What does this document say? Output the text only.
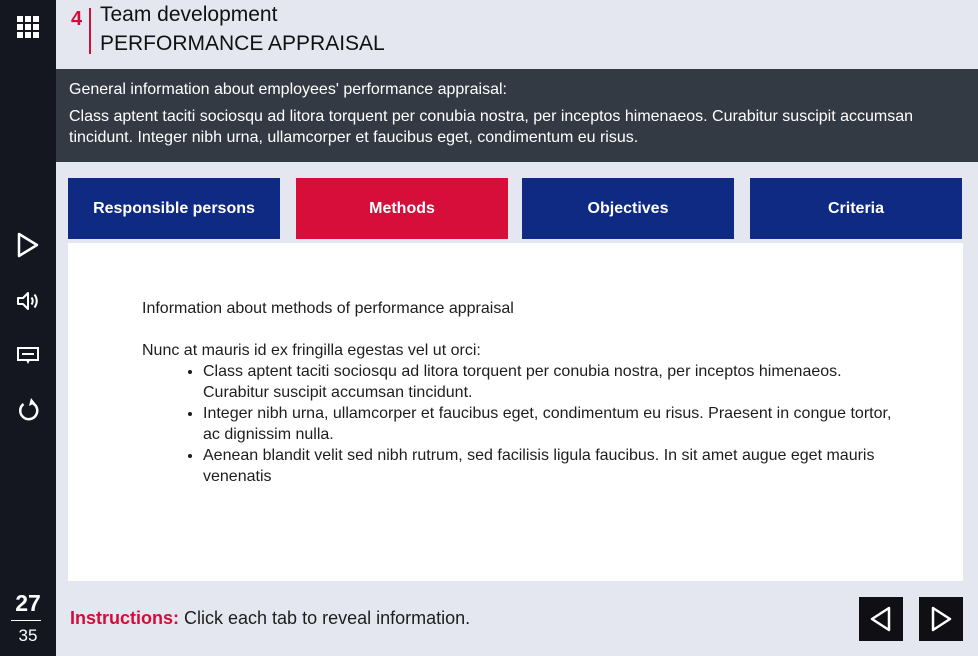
27
35
4 Team development
PERFORMANCE APPRAISAL
General information about employees' performance appraisal:
Class aptent taciti sociosqu ad litora torquent per conubia nostra, per inceptos himenaeos. Curabitur suscipit accumsan tincidunt. Integer nibh urna, ullamcorper et faucibus eget, condimentum eu risus.
Responsible persons	Methods	Objectives	Criteria

Information about methods of performance appraisal

Nunc at mauris id ex fringilla egestas vel ut orci:

• Class aptent taciti sociosqu ad litora torquent per conubia nostra, per inceptos himenaeos. Curabitur suscipit accumsan tincidunt.
• Integer nibh urna, ullamcorper et faucibus eget, condimentum eu risus. Praesent in congue tortor, ac dignissim nulla.
• Aenean blandit velit sed nibh rutrum, sed facilisis ligula faucibus. In sit amet augue eget mauris venenatis
Instructions: Click each tab to reveal information.
